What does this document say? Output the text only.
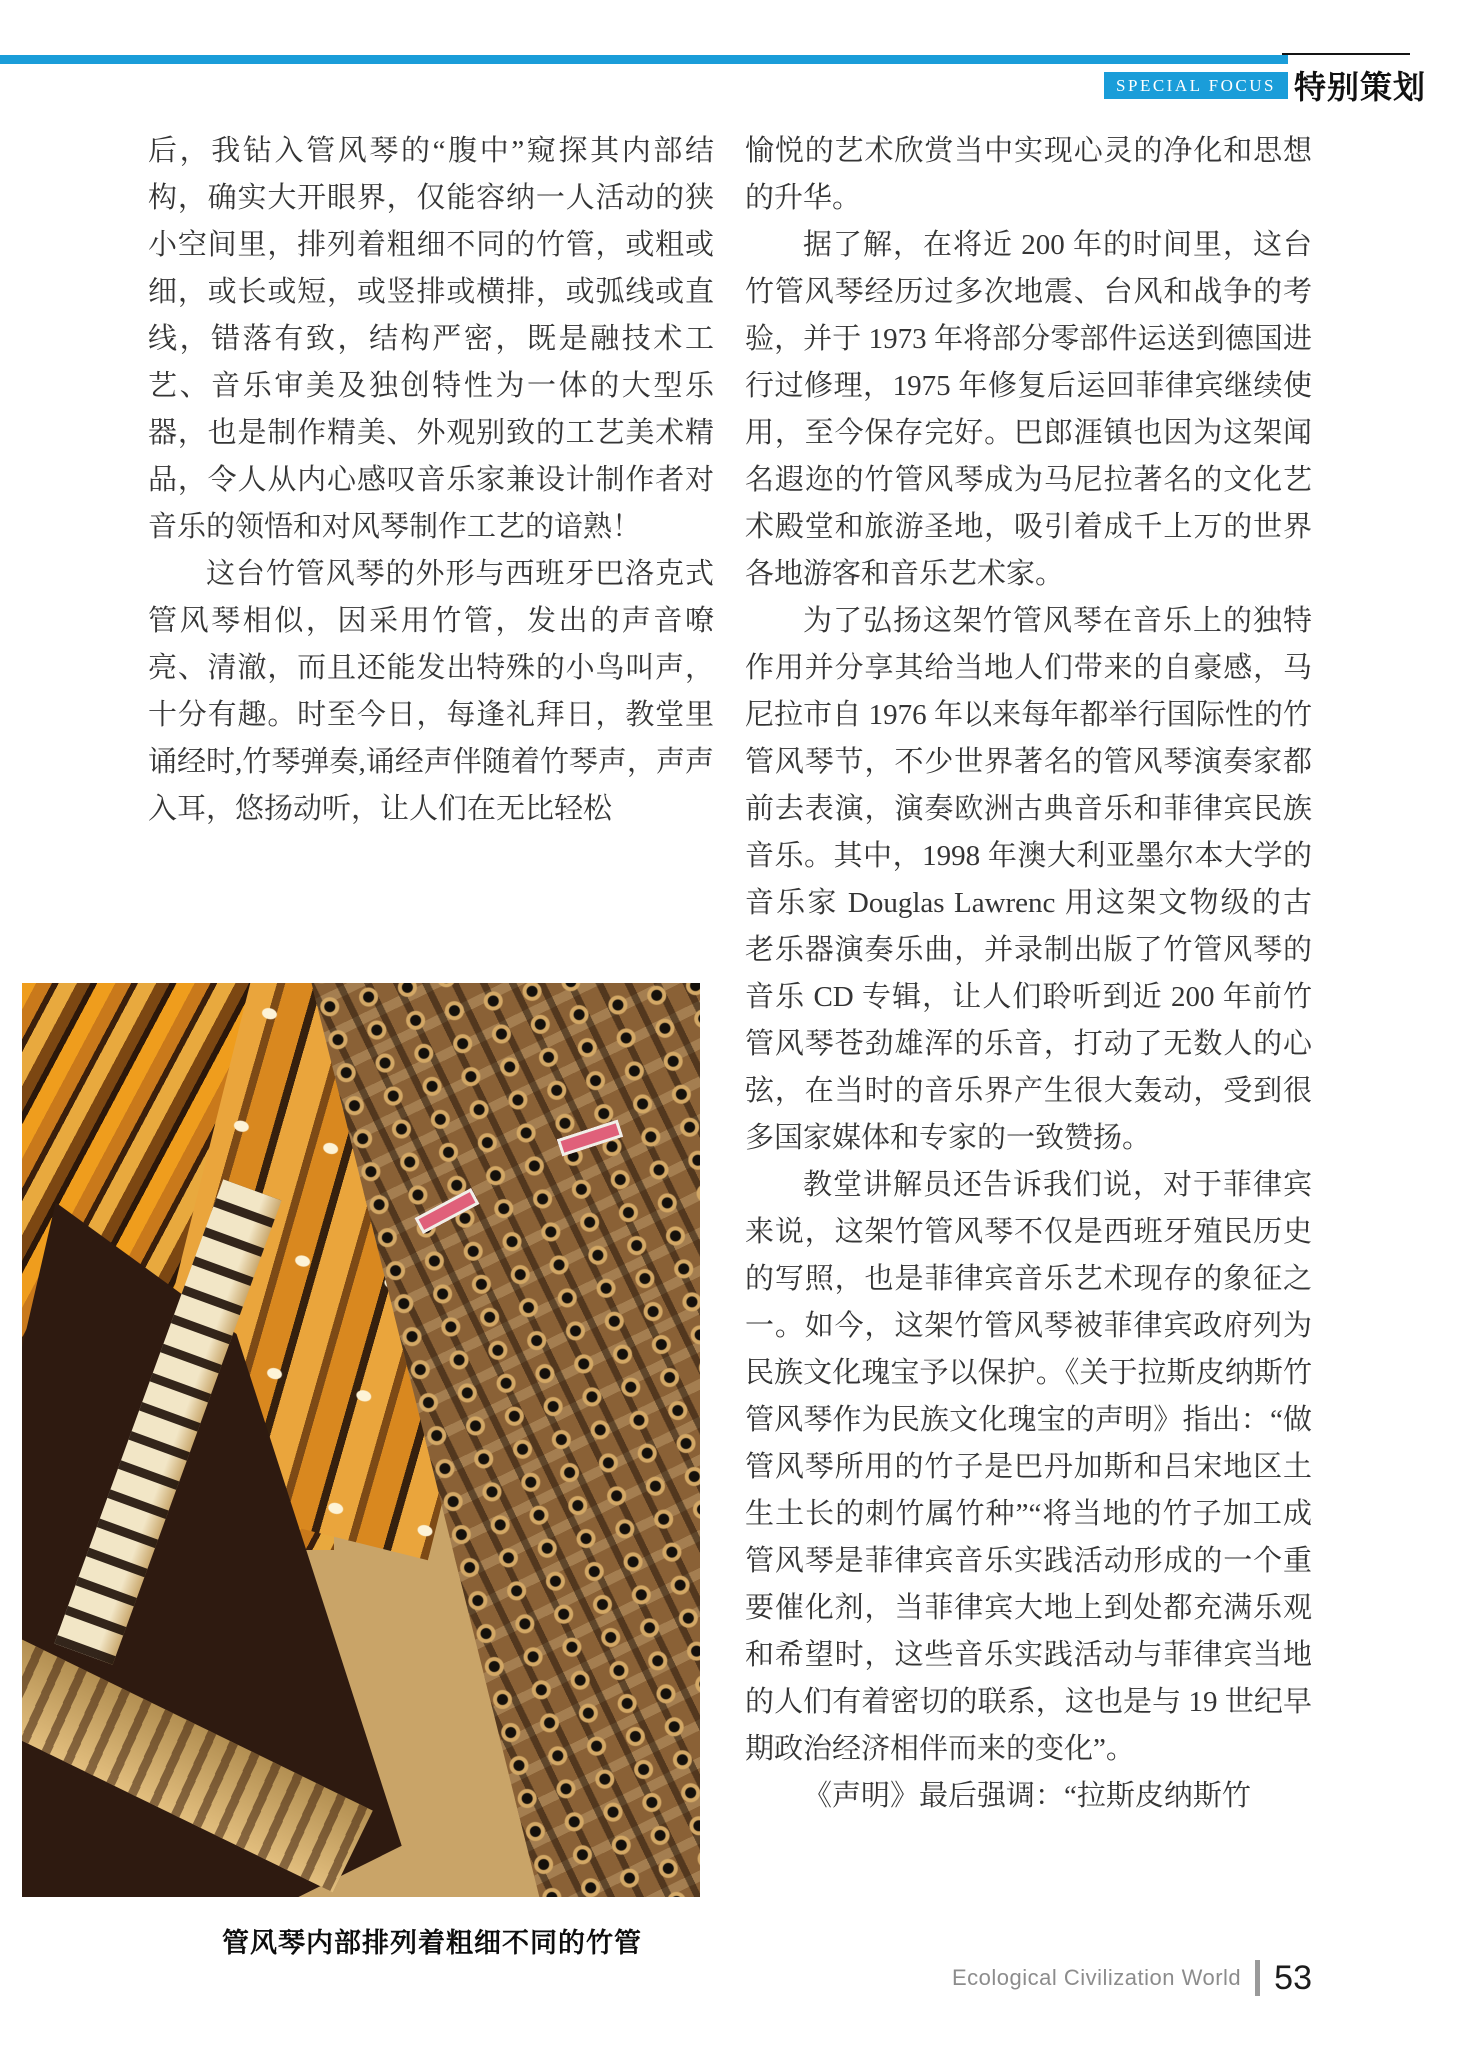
SPECIAL FOCUS 特别策划

后，我钻入管风琴的“腹中”窥探其内部结构，确实大开眼界，仅能容纳一人活动的狭小空间里，排列着粗细不同的竹管，或粗或细，或长或短，或竖排或横排，或弧线或直线，错落有致，结构严密，既是融技术工艺、音乐审美及独创特性为一体的大型乐器，也是制作精美、外观别致的工艺美术精品，令人从内心感叹音乐家兼设计制作者对音乐的领悟和对风琴制作工艺的谙熟！

这台竹管风琴的外形与西班牙巴洛克式管风琴相似，因采用竹管，发出的声音嘹亮、清澈，而且还能发出特殊的小鸟叫声，十分有趣。时至今日，每逢礼拜日，教堂里诵经时,竹琴弹奏,诵经声伴随着竹琴声，声声入耳，悠扬动听，让人们在无比轻松

愉悦的艺术欣赏当中实现心灵的净化和思想的升华。

据了解，在将近 200 年的时间里，这台竹管风琴经历过多次地震、台风和战争的考验，并于 1973 年将部分零部件运送到德国进行过修理，1975 年修复后运回菲律宾继续使用，至今保存完好。巴郎涯镇也因为这架闻名遐迩的竹管风琴成为马尼拉著名的文化艺术殿堂和旅游圣地，吸引着成千上万的世界各地游客和音乐艺术家。

为了弘扬这架竹管风琴在音乐上的独特作用并分享其给当地人们带来的自豪感，马尼拉市自 1976 年以来每年都举行国际性的竹管风琴节，不少世界著名的管风琴演奏家都前去表演，演奏欧洲古典音乐和菲律宾民族音乐。其中，1998 年澳大利亚墨尔本大学的音乐家 Douglas Lawrenc 用这架文物级的古老乐器演奏乐曲，并录制出版了竹管风琴的音乐 CD 专辑，让人们聆听到近 200 年前竹管风琴苍劲雄浑的乐音，打动了无数人的心弦，在当时的音乐界产生很大轰动，受到很多国家媒体和专家的一致赞扬。

教堂讲解员还告诉我们说，对于菲律宾来说，这架竹管风琴不仅是西班牙殖民历史的写照，也是菲律宾音乐艺术现存的象征之一。如今，这架竹管风琴被菲律宾政府列为民族文化瑰宝予以保护。《关于拉斯皮纳斯竹管风琴作为民族文化瑰宝的声明》指出：“做管风琴所用的竹子是巴丹加斯和吕宋地区土生土长的刺竹属竹种”“将当地的竹子加工成管风琴是菲律宾音乐实践活动形成的一个重要催化剂，当菲律宾大地上到处都充满乐观和希望时，这些音乐实践活动与菲律宾当地的人们有着密切的联系，这也是与 19 世纪早期政治经济相伴而来的变化”。

《声明》最后强调：“拉斯皮纳斯竹

管风琴内部排列着粗细不同的竹管
Ecological Civilization World 53
